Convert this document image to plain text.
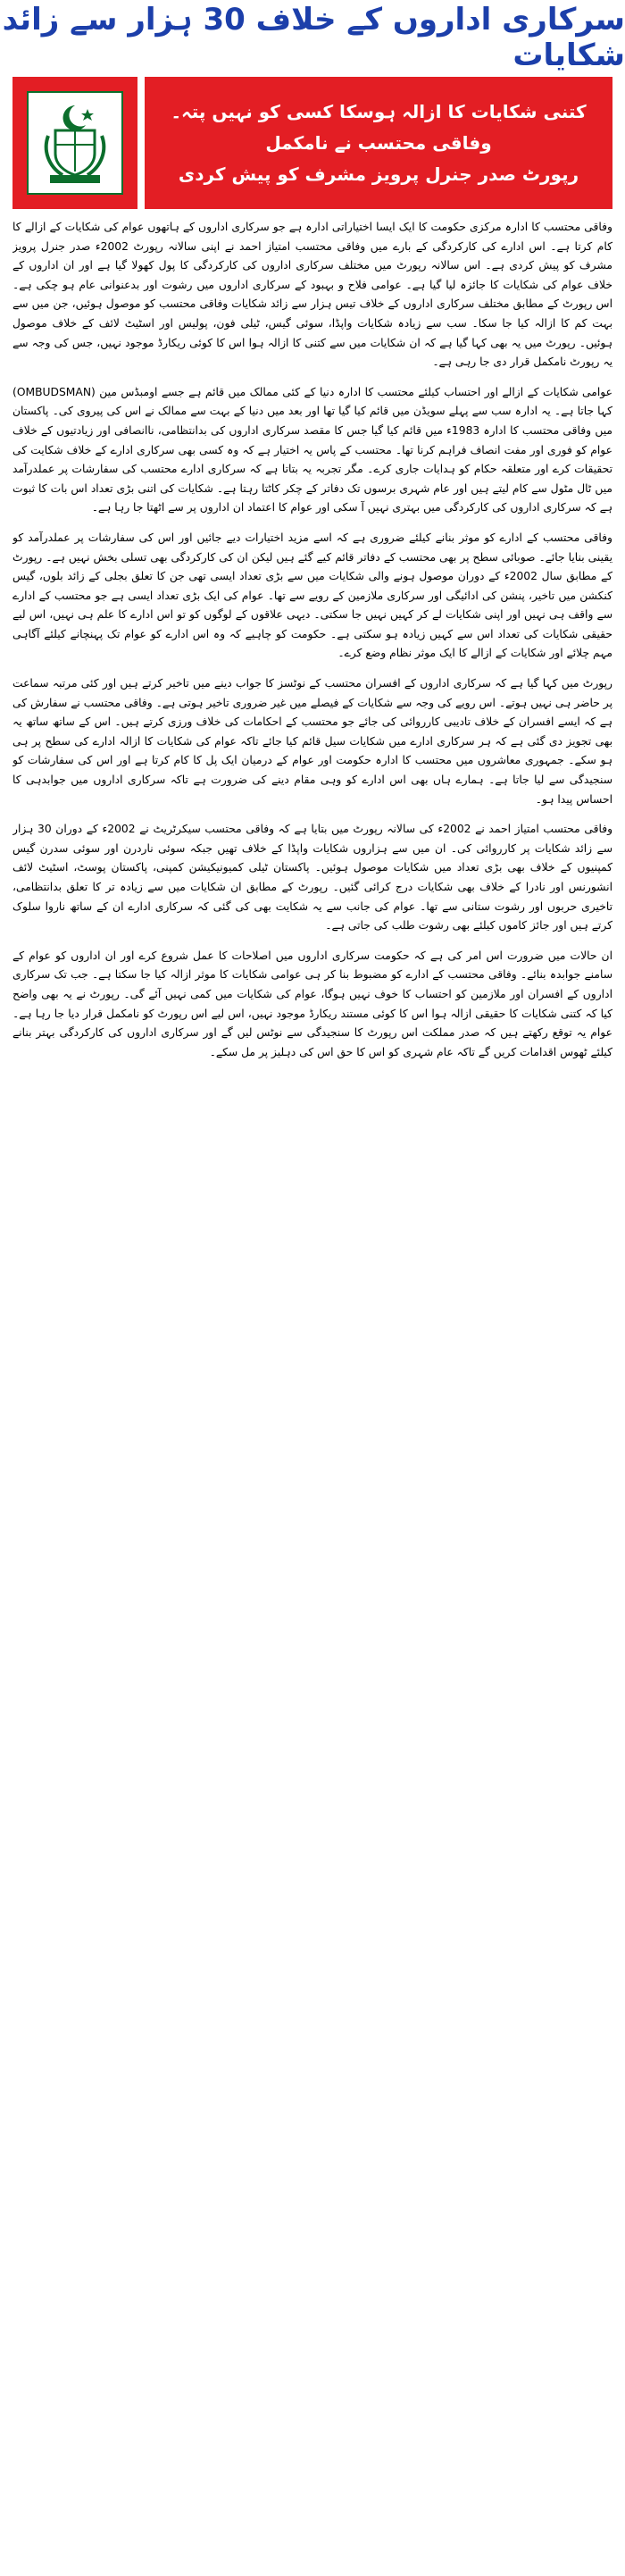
سرکاری اداروں کے خلاف 30 ہزار سے زائد شکایات
کتنی شکایات کا ازالہ ہوسکا کسی کو نہیں پتہ۔ وفاقی محتسب نے نامکمل
رپورٹ صدر جنرل پرویز مشرف کو پیش کردی

وفاقی محتسب کا ادارہ مرکزی حکومت کا ایک ایسا اختیاراتی ادارہ ہے جو سرکاری اداروں کے ہاتھوں عوام کی شکایات کے ازالے کا کام کرتا ہے۔ اس ادارے کی کارکردگی کے بارے میں وفاقی محتسب امتیاز احمد نے اپنی سالانہ رپورٹ 2002ء صدر جنرل پرویز مشرف کو پیش کردی ہے۔ اس سالانہ رپورٹ میں مختلف سرکاری اداروں کی کارکردگی کا پول کھولا گیا ہے اور ان اداروں کے خلاف عوام کی شکایات کا جائزہ لیا گیا ہے۔ عوامی فلاح و بہبود کے سرکاری اداروں میں رشوت اور بدعنوانی عام ہو چکی ہے۔ اس رپورٹ کے مطابق مختلف سرکاری اداروں کے خلاف تیس ہزار سے زائد شکایات وفاقی محتسب کو موصول ہوئیں، جن میں سے بہت کم کا ازالہ کیا جا سکا۔ سب سے زیادہ شکایات واپڈا، سوئی گیس، ٹیلی فون، پولیس اور اسٹیٹ لائف کے خلاف موصول ہوئیں۔ رپورٹ میں یہ بھی کہا گیا ہے کہ ان شکایات میں سے کتنی کا ازالہ ہوا اس کا کوئی ریکارڈ موجود نہیں، جس کی وجہ سے یہ رپورٹ نامکمل قرار دی جا رہی ہے۔

عوامی شکایات کے ازالے اور احتساب کیلئے محتسب کا ادارہ دنیا کے کئی ممالک میں قائم ہے جسے اومبڈس مین (OMBUDSMAN) کہا جاتا ہے۔ یہ ادارہ سب سے پہلے سویڈن میں قائم کیا گیا تھا اور بعد میں دنیا کے بہت سے ممالک نے اس کی پیروی کی۔ پاکستان میں وفاقی محتسب کا ادارہ 1983ء میں قائم کیا گیا جس کا مقصد سرکاری اداروں کی بدانتظامی، ناانصافی اور زیادتیوں کے خلاف عوام کو فوری اور مفت انصاف فراہم کرنا تھا۔ محتسب کے پاس یہ اختیار ہے کہ وہ کسی بھی سرکاری ادارے کے خلاف شکایت کی تحقیقات کرے اور متعلقہ حکام کو ہدایات جاری کرے۔ مگر تجربہ یہ بتاتا ہے کہ سرکاری ادارے محتسب کی سفارشات پر عملدرآمد میں ٹال مٹول سے کام لیتے ہیں اور عام شہری برسوں تک دفاتر کے چکر کاٹتا رہتا ہے۔ شکایات کی اتنی بڑی تعداد اس بات کا ثبوت ہے کہ سرکاری اداروں کی کارکردگی میں بہتری نہیں آ سکی اور عوام کا اعتماد ان اداروں پر سے اٹھتا جا رہا ہے۔

وفاقی محتسب کے ادارے کو موثر بنانے کیلئے ضروری ہے کہ اسے مزید اختیارات دیے جائیں اور اس کی سفارشات پر عملدرآمد کو یقینی بنایا جائے۔ صوبائی سطح پر بھی محتسب کے دفاتر قائم کیے گئے ہیں لیکن ان کی کارکردگی بھی تسلی بخش نہیں ہے۔ رپورٹ کے مطابق سال 2002ء کے دوران موصول ہونے والی شکایات میں سے بڑی تعداد ایسی تھی جن کا تعلق بجلی کے زائد بلوں، گیس کنکشن میں تاخیر، پنشن کی ادائیگی اور سرکاری ملازمین کے رویے سے تھا۔ عوام کی ایک بڑی تعداد ایسی ہے جو محتسب کے ادارے سے واقف ہی نہیں اور اپنی شکایات لے کر کہیں نہیں جا سکتی۔ دیہی علاقوں کے لوگوں کو تو اس ادارے کا علم ہی نہیں، اس لیے حقیقی شکایات کی تعداد اس سے کہیں زیادہ ہو سکتی ہے۔ حکومت کو چاہیے کہ وہ اس ادارے کو عوام تک پہنچانے کیلئے آگاہی مہم چلائے اور شکایات کے ازالے کا ایک موثر نظام وضع کرے۔

رپورٹ میں کہا گیا ہے کہ سرکاری اداروں کے افسران محتسب کے نوٹسز کا جواب دینے میں تاخیر کرتے ہیں اور کئی مرتبہ سماعت پر حاضر ہی نہیں ہوتے۔ اس رویے کی وجہ سے شکایات کے فیصلے میں غیر ضروری تاخیر ہوتی ہے۔ وفاقی محتسب نے سفارش کی ہے کہ ایسے افسران کے خلاف تادیبی کارروائی کی جائے جو محتسب کے احکامات کی خلاف ورزی کرتے ہیں۔ اس کے ساتھ ساتھ یہ بھی تجویز دی گئی ہے کہ ہر سرکاری ادارے میں شکایات سیل قائم کیا جائے تاکہ عوام کی شکایات کا ازالہ ادارے کی سطح پر ہی ہو سکے۔ جمہوری معاشروں میں محتسب کا ادارہ حکومت اور عوام کے درمیان ایک پل کا کام کرتا ہے اور اس کی سفارشات کو سنجیدگی سے لیا جاتا ہے۔ ہمارے ہاں بھی اس ادارے کو وہی مقام دینے کی ضرورت ہے تاکہ سرکاری اداروں میں جوابدہی کا احساس پیدا ہو۔

وفاقی محتسب امتیاز احمد نے 2002ء کی سالانہ رپورٹ میں بتایا ہے کہ وفاقی محتسب سیکرٹریٹ نے 2002ء کے دوران 30 ہزار سے زائد شکایات پر کارروائی کی۔ ان میں سے ہزاروں شکایات واپڈا کے خلاف تھیں جبکہ سوئی ناردرن اور سوئی سدرن گیس کمپنیوں کے خلاف بھی بڑی تعداد میں شکایات موصول ہوئیں۔ پاکستان ٹیلی کمیونیکیشن کمپنی، پاکستان پوسٹ، اسٹیٹ لائف انشورنس اور نادرا کے خلاف بھی شکایات درج کرائی گئیں۔ رپورٹ کے مطابق ان شکایات میں سے زیادہ تر کا تعلق بدانتظامی، تاخیری حربوں اور رشوت ستانی سے تھا۔ عوام کی جانب سے یہ شکایت بھی کی گئی کہ سرکاری ادارے ان کے ساتھ ناروا سلوک کرتے ہیں اور جائز کاموں کیلئے بھی رشوت طلب کی جاتی ہے۔

ان حالات میں ضرورت اس امر کی ہے کہ حکومت سرکاری اداروں میں اصلاحات کا عمل شروع کرے اور ان اداروں کو عوام کے سامنے جوابدہ بنائے۔ وفاقی محتسب کے ادارے کو مضبوط بنا کر ہی عوامی شکایات کا موثر ازالہ کیا جا سکتا ہے۔ جب تک سرکاری اداروں کے افسران اور ملازمین کو احتساب کا خوف نہیں ہوگا، عوام کی شکایات میں کمی نہیں آئے گی۔ رپورٹ نے یہ بھی واضح کیا کہ کتنی شکایات کا حقیقی ازالہ ہوا اس کا کوئی مستند ریکارڈ موجود نہیں، اس لیے اس رپورٹ کو نامکمل قرار دیا جا رہا ہے۔ عوام یہ توقع رکھتے ہیں کہ صدر مملکت اس رپورٹ کا سنجیدگی سے نوٹس لیں گے اور سرکاری اداروں کی کارکردگی بہتر بنانے کیلئے ٹھوس اقدامات کریں گے تاکہ عام شہری کو اس کا حق اس کی دہلیز پر مل سکے۔
